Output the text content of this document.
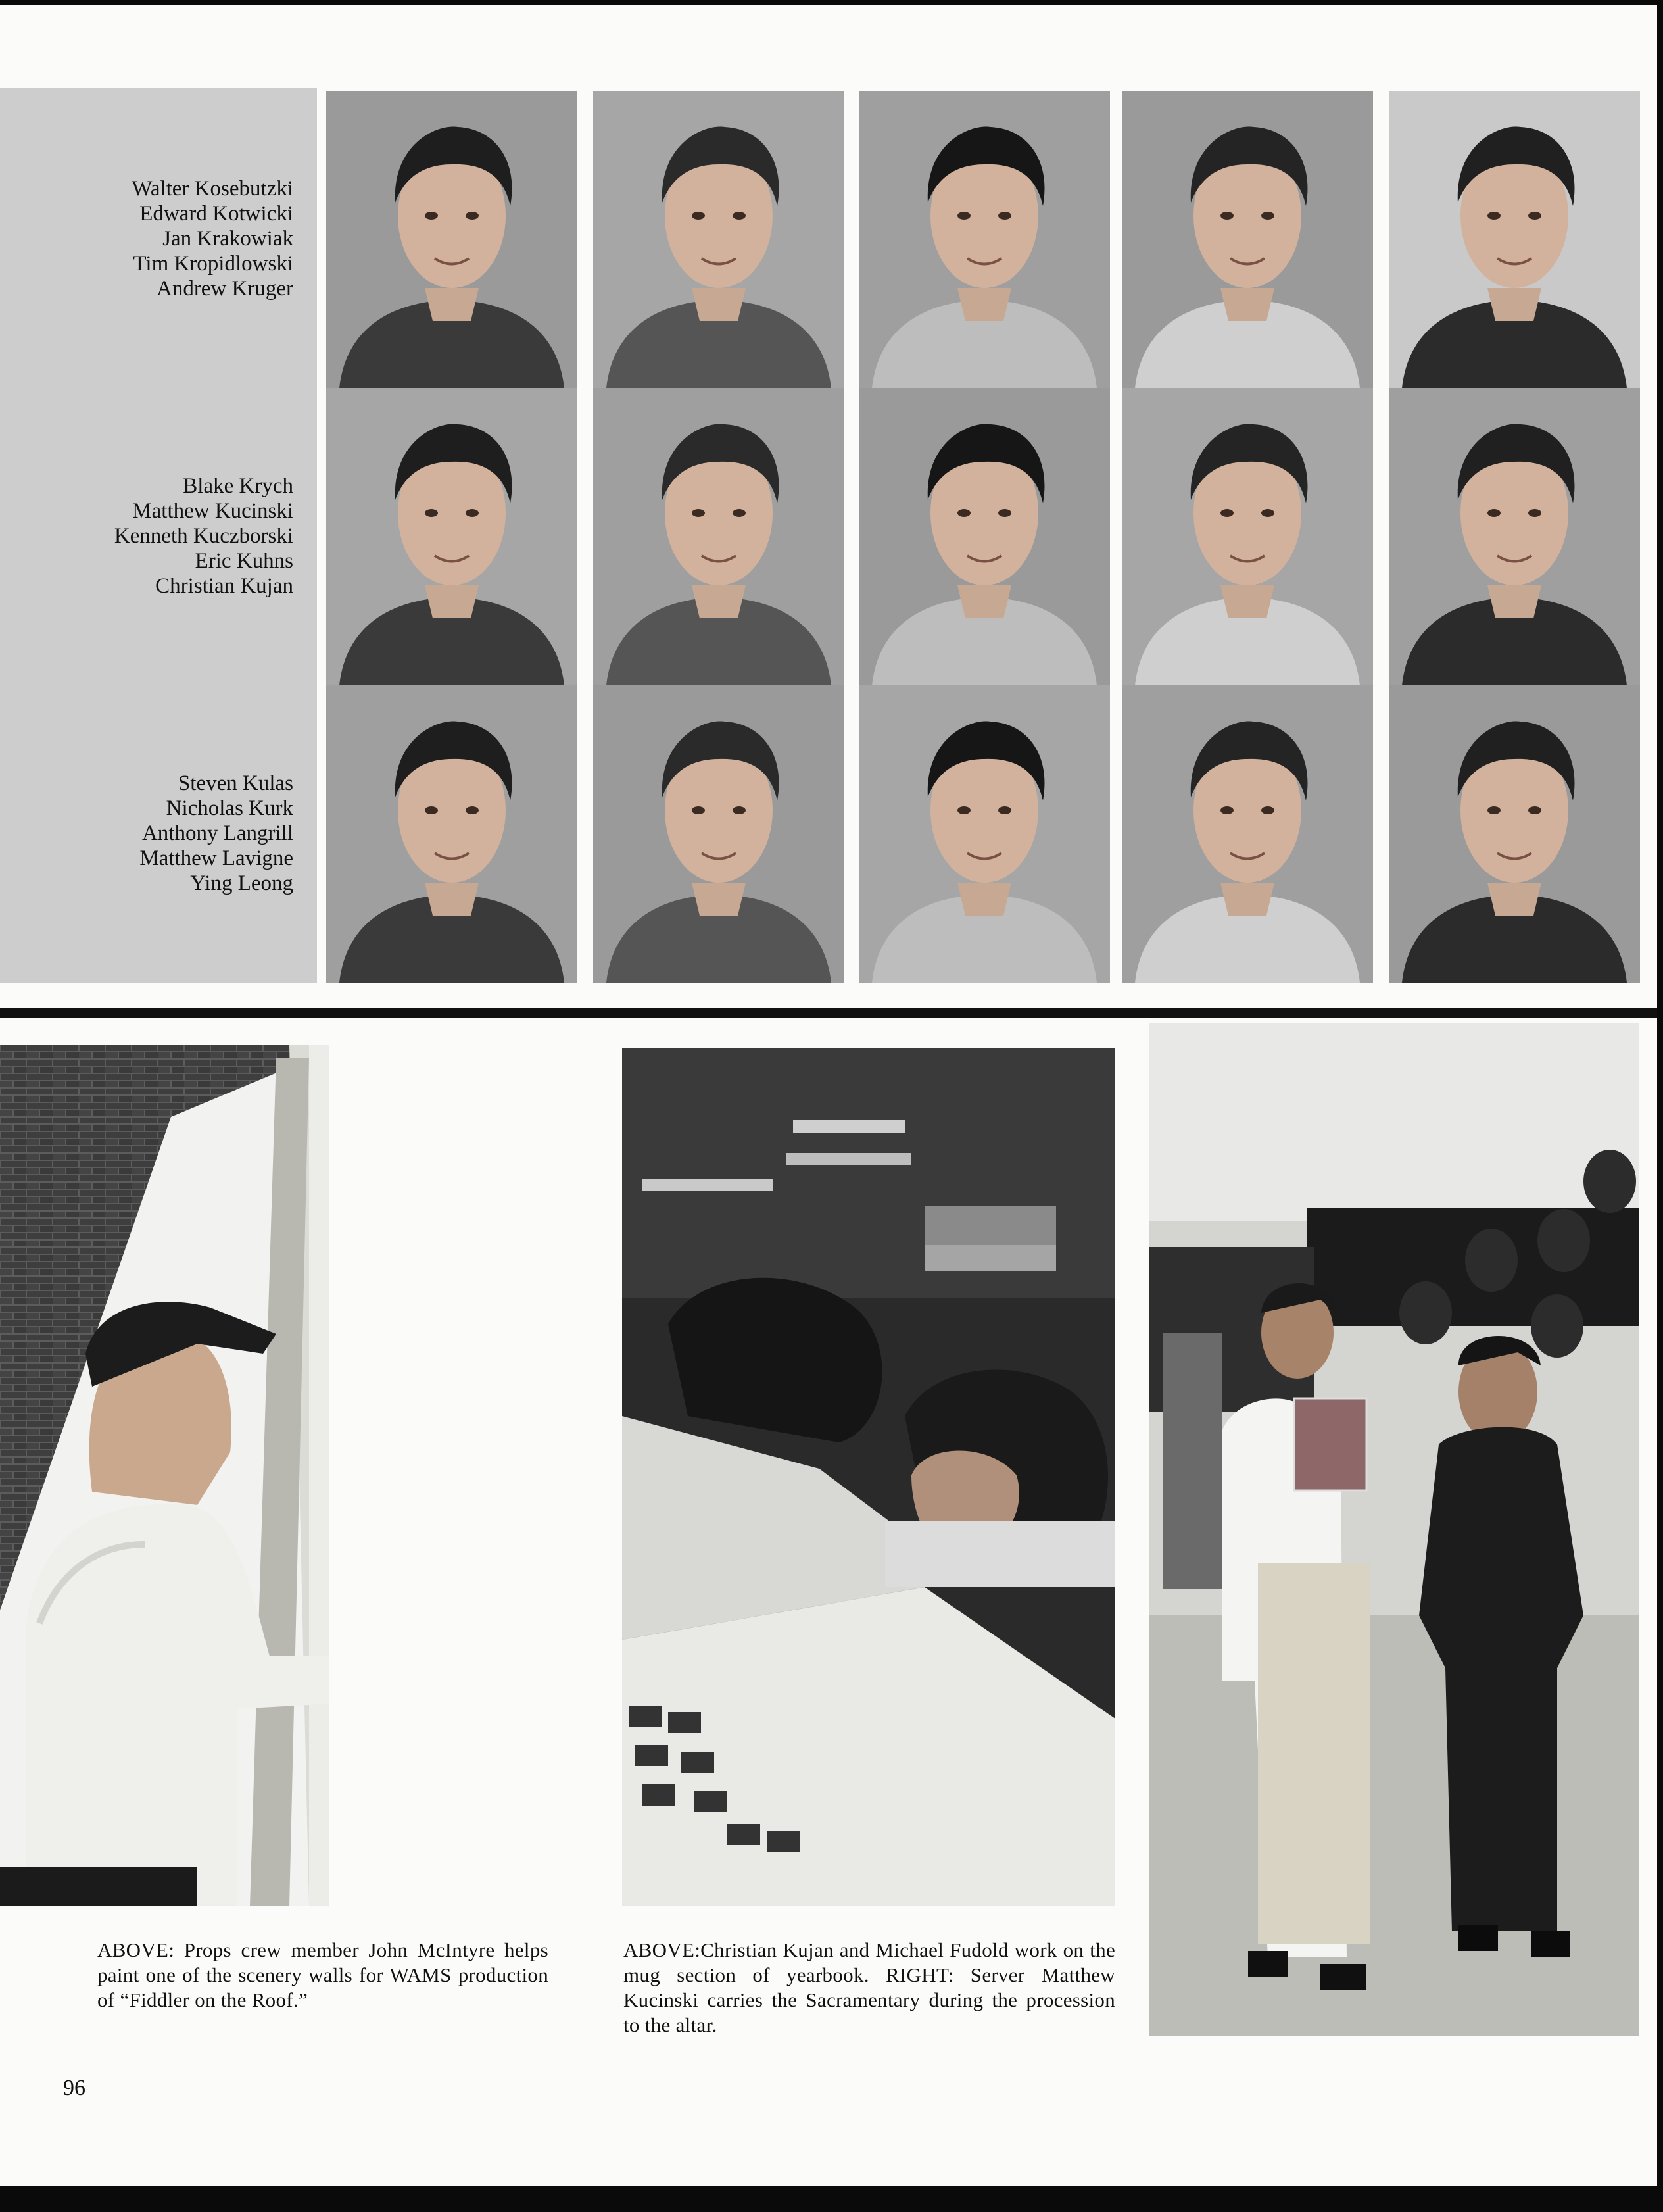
Walter Kosebutzki
Edward Kotwicki
Jan Krakowiak
Tim Kropidlowski
Andrew Kruger
Blake Krych
Matthew Kucinski
Kenneth Kuczborski
Eric Kuhns
Christian Kujan
Steven Kulas
Nicholas Kurk
Anthony Langrill
Matthew Lavigne
Ying Leong
ABOVE: Props crew member John McIntyre helps paint one of the scenery walls for WAMS production of “Fiddler on the Roof.”
ABOVE:Christian Kujan and Michael Fudold work on the mug section of yearbook. RIGHT: Server Matthew Kucinski carries the Sacramentary during the procession to the altar.
96
